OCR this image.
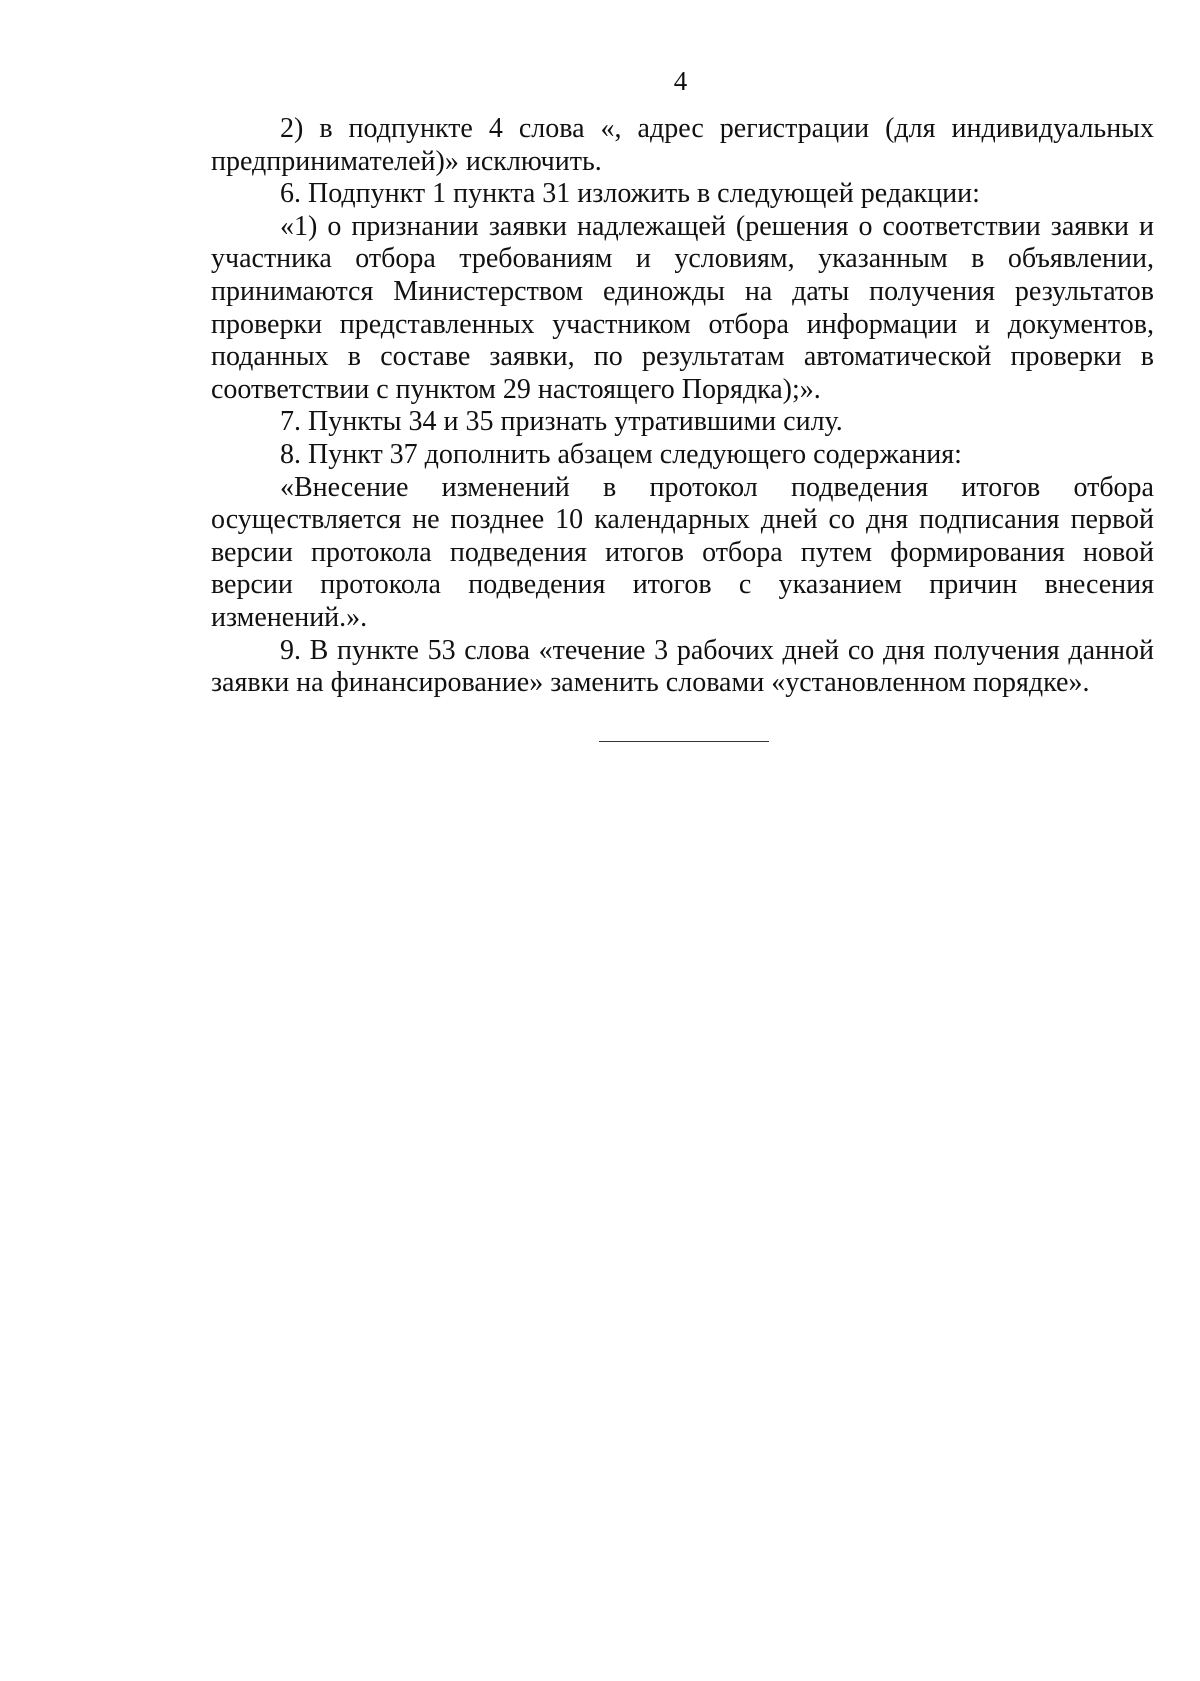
4

2) в подпункте 4 слова «, адрес регистрации (для индивидуальных предпринимателей)» исключить.

6. Подпункт 1 пункта 31 изложить в следующей редакции:

«1) о признании заявки надлежащей (решения о соответствии заявки и участника отбора требованиям и условиям, указанным в объявлении, принимаются Министерством единожды на даты получения результатов проверки представленных участником отбора информации и документов, поданных в составе заявки, по результатам автоматической проверки в соответствии с пунктом 29 настоящего Порядка);».

7. Пункты 34 и 35 признать утратившими силу.

8. Пункт 37 дополнить абзацем следующего содержания:

«Внесение изменений в протокол подведения итогов отбора осуществляется не позднее 10 календарных дней со дня подписания первой версии протокола подведения итогов отбора путем формирования новой версии протокола подведения итогов с указанием причин внесения изменений.».

9. В пункте 53 слова «течение 3 рабочих дней со дня получения данной заявки на финансирование» заменить словами «установленном порядке».
